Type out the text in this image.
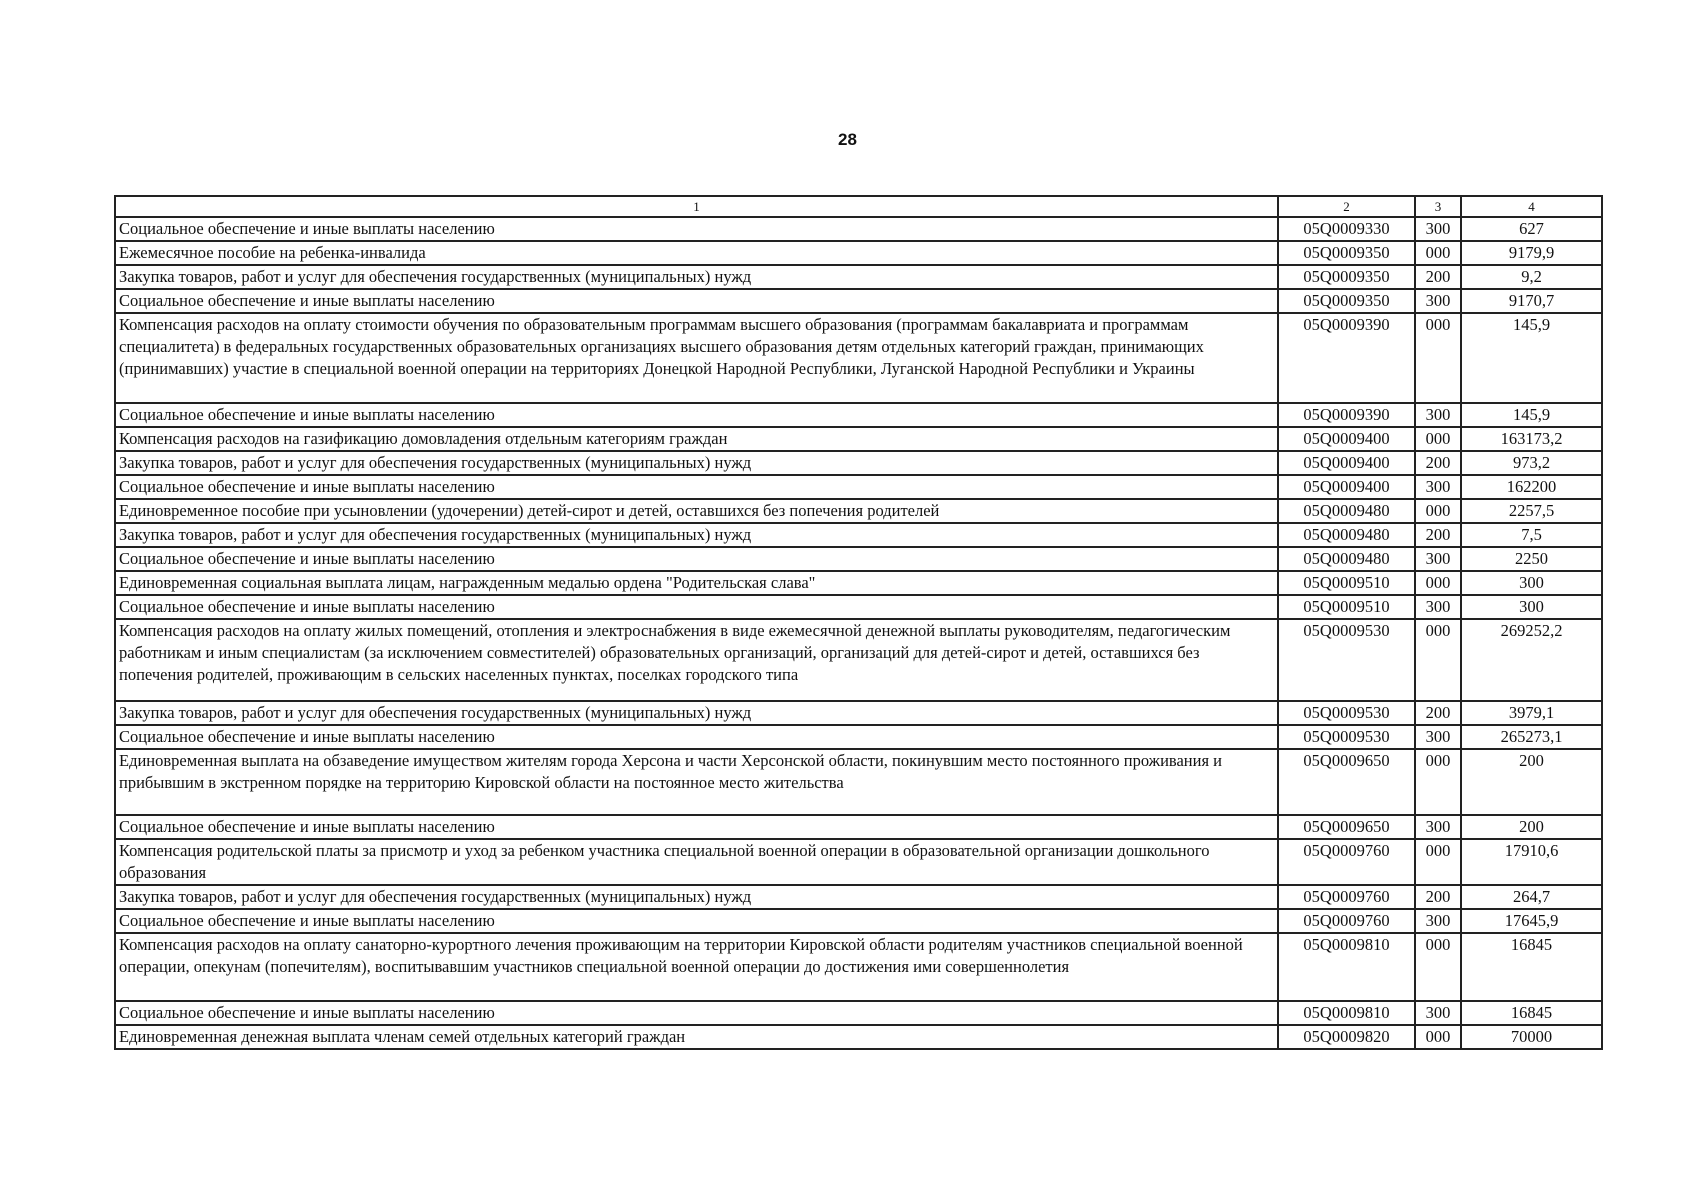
28
1	2	3	4
Социальное обеспечение и иные выплаты населению	05Q0009330	300	627
Ежемесячное пособие на ребенка-инвалида	05Q0009350	000	9179,9
Закупка товаров, работ и услуг для обеспечения государственных (муниципальных) нужд	05Q0009350	200	9,2
Социальное обеспечение и иные выплаты населению	05Q0009350	300	9170,7
Компенсация расходов на оплату стоимости обучения по образовательным программам высшего образования (программам бакалавриата и программам специалитета) в федеральных государственных образовательных организациях высшего образования детям отдельных категорий граждан, принимающих (принимавших) участие в специальной военной операции на территориях Донецкой Народной Республики, Луганской Народной Республики и Украины	05Q0009390	000	145,9
Социальное обеспечение и иные выплаты населению	05Q0009390	300	145,9
Компенсация расходов на газификацию домовладения отдельным категориям граждан	05Q0009400	000	163173,2
Закупка товаров, работ и услуг для обеспечения государственных (муниципальных) нужд	05Q0009400	200	973,2
Социальное обеспечение и иные выплаты населению	05Q0009400	300	162200
Единовременное пособие при усыновлении (удочерении) детей-сирот и детей, оставшихся без попечения родителей	05Q0009480	000	2257,5
Закупка товаров, работ и услуг для обеспечения государственных (муниципальных) нужд	05Q0009480	200	7,5
Социальное обеспечение и иные выплаты населению	05Q0009480	300	2250
Единовременная социальная выплата лицам, награжденным медалью ордена "Родительская слава"	05Q0009510	000	300
Социальное обеспечение и иные выплаты населению	05Q0009510	300	300
Компенсация расходов на оплату жилых помещений, отопления и электроснабжения в виде ежемесячной денежной выплаты руководителям, педагогическим работникам и иным специалистам (за исключением совместителей) образовательных организаций, организаций для детей-сирот и детей, оставшихся без попечения родителей, проживающим в сельских населенных пунктах, поселках городского типа	05Q0009530	000	269252,2
Закупка товаров, работ и услуг для обеспечения государственных (муниципальных) нужд	05Q0009530	200	3979,1
Социальное обеспечение и иные выплаты населению	05Q0009530	300	265273,1
Единовременная выплата на обзаведение имуществом жителям города Херсона и части Херсонской области, покинувшим место постоянного проживания и прибывшим в экстренном порядке на территорию Кировской области на постоянное место жительства	05Q0009650	000	200
Социальное обеспечение и иные выплаты населению	05Q0009650	300	200
Компенсация родительской платы за присмотр и уход за ребенком участника специальной военной операции в образовательной организации дошкольного образования	05Q0009760	000	17910,6
Закупка товаров, работ и услуг для обеспечения государственных (муниципальных) нужд	05Q0009760	200	264,7
Социальное обеспечение и иные выплаты населению	05Q0009760	300	17645,9
Компенсация расходов на оплату санаторно-курортного лечения проживающим на территории Кировской области родителям участников специальной военной операции, опекунам (попечителям), воспитывавшим участников специальной военной операции до достижения ими совершеннолетия	05Q0009810	000	16845
Социальное обеспечение и иные выплаты населению	05Q0009810	300	16845
Единовременная денежная выплата членам семей отдельных категорий граждан	05Q0009820	000	70000
